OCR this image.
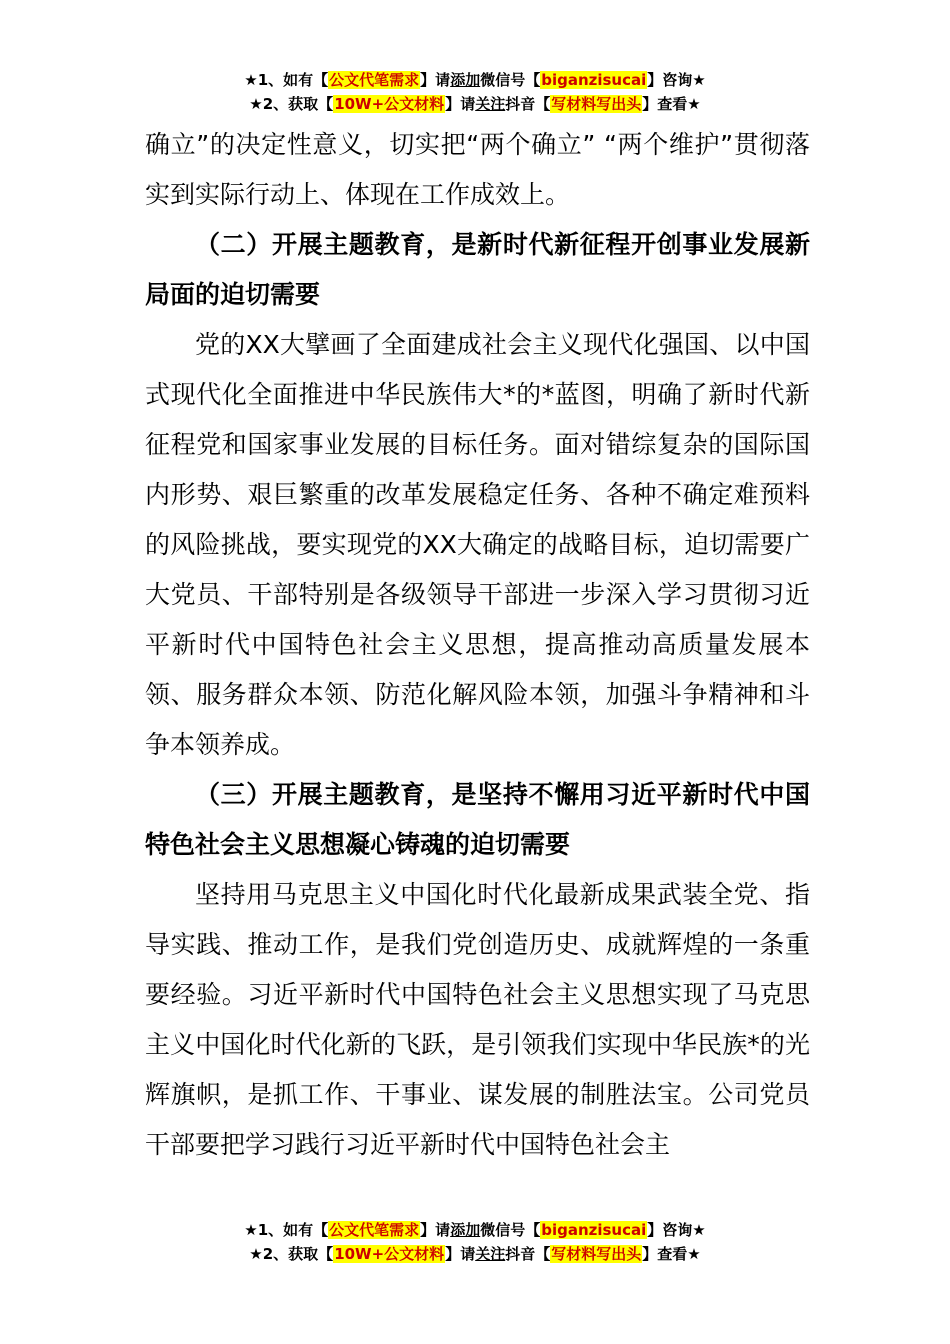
★1、如有【公文代笔需求】请添加微信号【biganzisucai】咨询★
★2、获取【10W+公文材料】请关注抖音【写材料写出头】查看★

确立”的决定性意义，切实把“两个确立” “两个维护”贯彻落实到实际行动上、体现在工作成效上。

（二）开展主题教育，是新时代新征程开创事业发展新局面的迫切需要

党的XX大擘画了全面建成社会主义现代化强国、以中国式现代化全面推进中华民族伟大*的*蓝图，明确了新时代新征程党和国家事业发展的目标任务。面对错综复杂的国际国内形势、艰巨繁重的改革发展稳定任务、各种不确定难预料的风险挑战，要实现党的XX大确定的战略目标，迫切需要广大党员、干部特别是各级领导干部进一步深入学习贯彻习近平新时代中国特色社会主义思想，提高推动高质量发展本领、服务群众本领、防范化解风险本领，加强斗争精神和斗争本领养成。

（三）开展主题教育，是坚持不懈用习近平新时代中国特色社会主义思想凝心铸魂的迫切需要

坚持用马克思主义中国化时代化最新成果武装全党、指导实践、推动工作，是我们党创造历史、成就辉煌的一条重要经验。习近平新时代中国特色社会主义思想实现了马克思主义中国化时代化新的飞跃，是引领我们实现中华民族*的光辉旗帜，是抓工作、干事业、谋发展的制胜法宝。公司党员干部要把学习践行习近平新时代中国特色社会主

★1、如有【公文代笔需求】请添加微信号【biganzisucai】咨询★
★2、获取【10W+公文材料】请关注抖音【写材料写出头】查看★
